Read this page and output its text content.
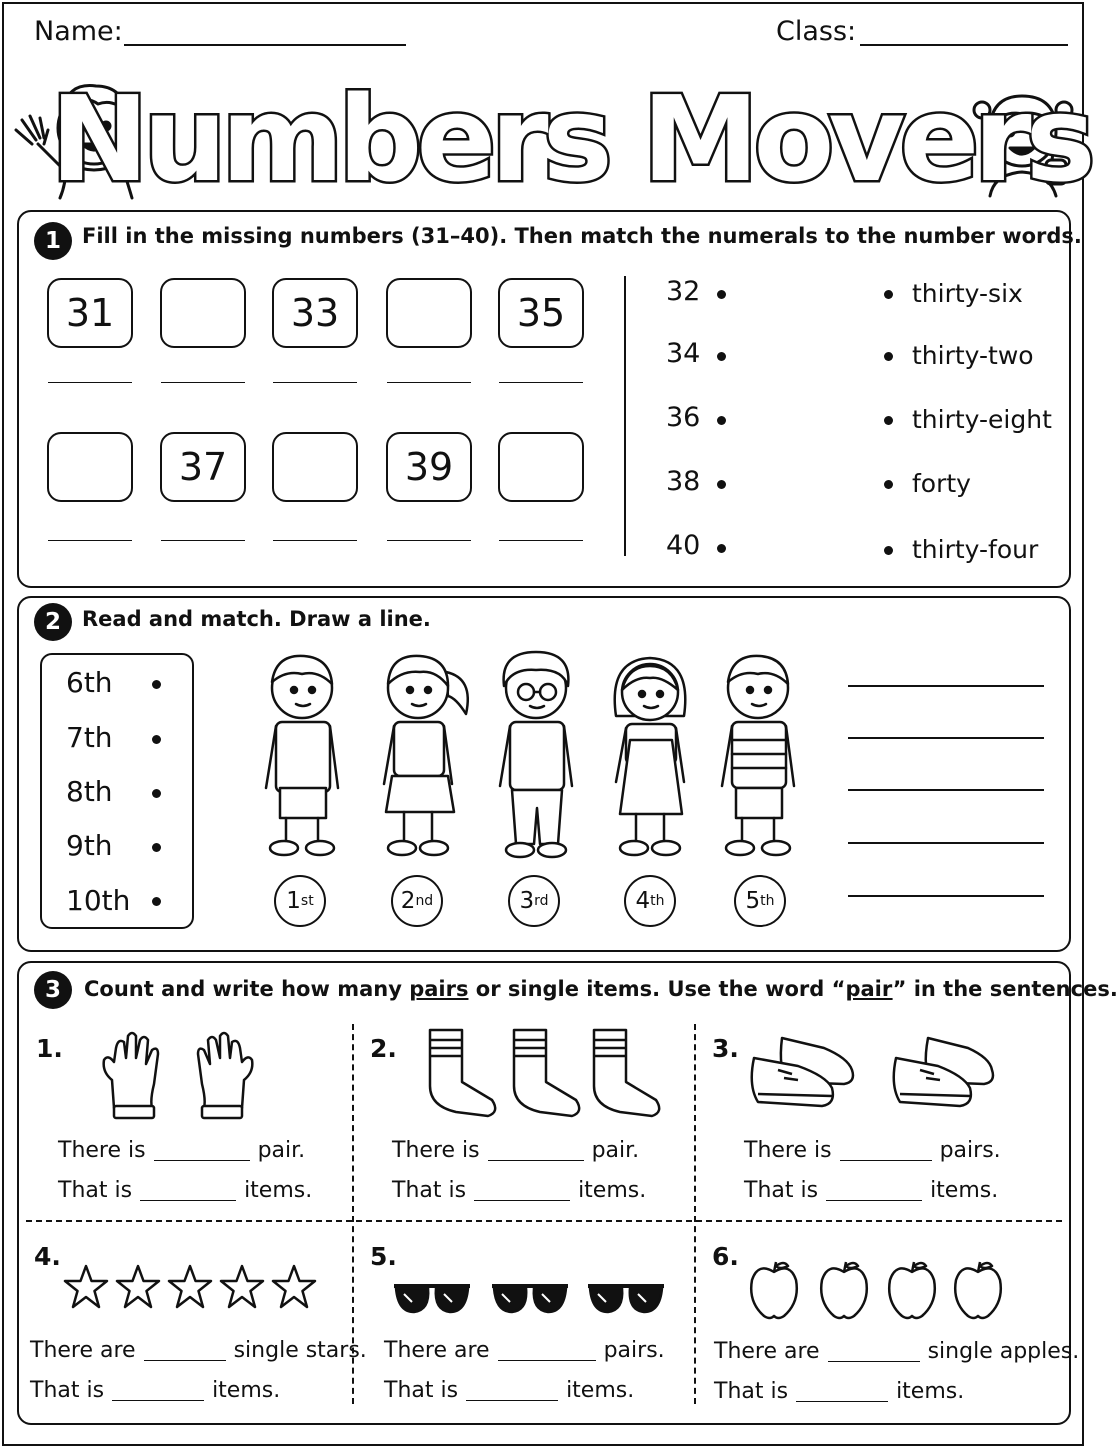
Name:	Class:
Numbers Movers
1	Fill in the missing numbers (31–40). Then match the numerals to the number words.
31	33	35
37	39
32
34
36
38
40
thirty-six
thirty-two
thirty-eight
forty
thirty-four
2	Read and match. Draw a line.
6th
7th
8th
9th
10th	1 st	2 nd	3 rd	4 th	5 th
3	Count and write how many pairs or single items. Use the word “pair” in the sentences.
1.
There is	pair.
That is	items.
2.
There is	pair.
That is	items.
3.
There is	pairs.
That is	items.
4.
There are	single stars.
That is	items.
5.
There are	pairs.
That is	items.
6.
There are	single apples.
That is	items.
